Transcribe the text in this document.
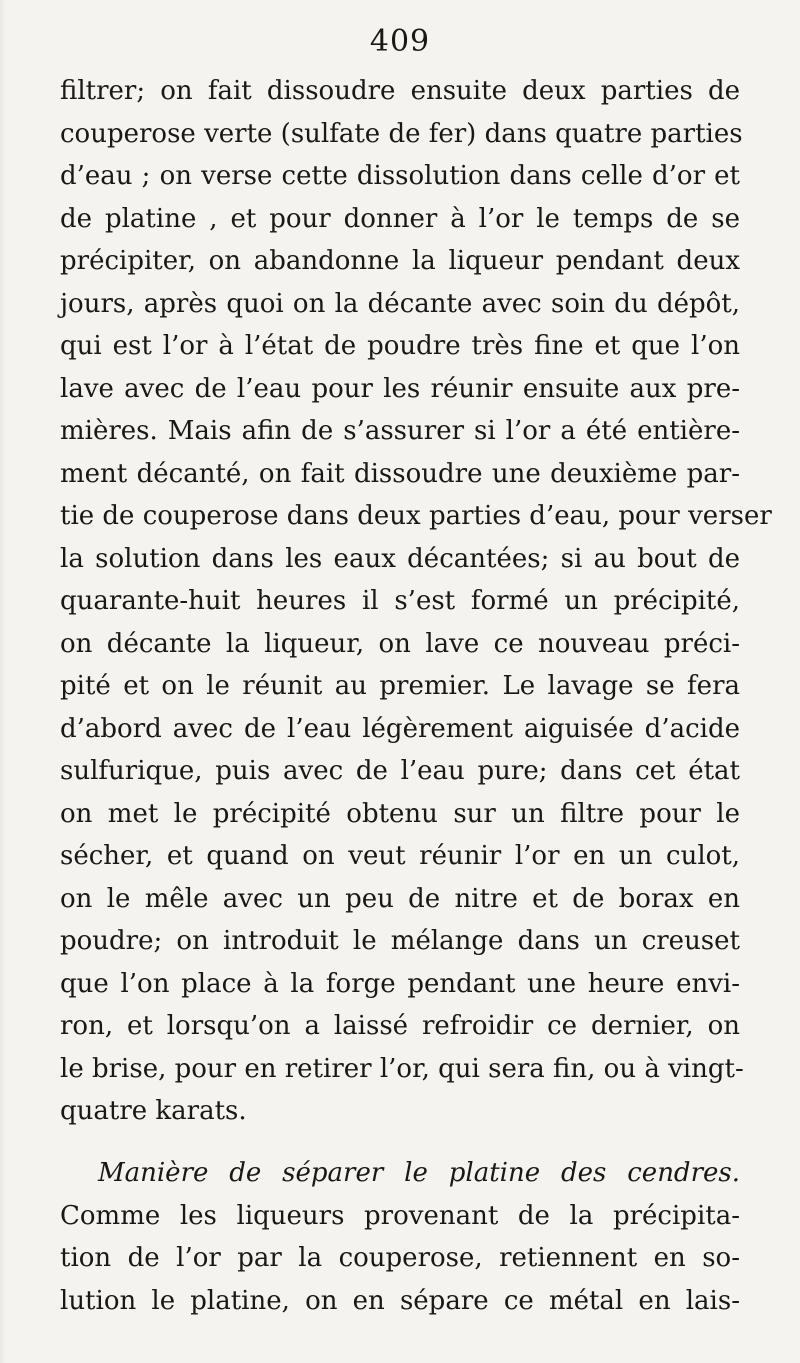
409
filtrer; on fait dissoudre ensuite deux parties de
couperose verte (sulfate de fer) dans quatre parties
d’eau ; on verse cette dissolution dans celle d’or et
de platine , et pour donner à l’or le temps de se
précipiter, on abandonne la liqueur pendant deux
jours, après quoi on la décante avec soin du dépôt,
qui est l’or à l’état de poudre très fine et que l’on
lave avec de l’eau pour les réunir ensuite aux pre-
mières. Mais afin de s’assurer si l’or a été entière-
ment décanté, on fait dissoudre une deuxième par-
tie de couperose dans deux parties d’eau, pour verser
la solution dans les eaux décantées; si au bout de
quarante-huit heures il s’est formé un précipité,
on décante la liqueur, on lave ce nouveau préci-
pité et on le réunit au premier. Le lavage se fera
d’abord avec de l’eau légèrement aiguisée d’acide
sulfurique, puis avec de l’eau pure; dans cet état
on met le précipité obtenu sur un filtre pour le
sécher, et quand on veut réunir l’or en un culot,
on le mêle avec un peu de nitre et de borax en
poudre; on introduit le mélange dans un creuset
que l’on place à la forge pendant une heure envi-
ron, et lorsqu’on a laissé refroidir ce dernier, on
le brise, pour en retirer l’or, qui sera fin, ou à vingt-
quatre karats.
Manière de séparer le platine des cendres.
Comme les liqueurs provenant de la précipita-
tion de l’or par la couperose, retiennent en so-
lution le platine, on en sépare ce métal en lais-
